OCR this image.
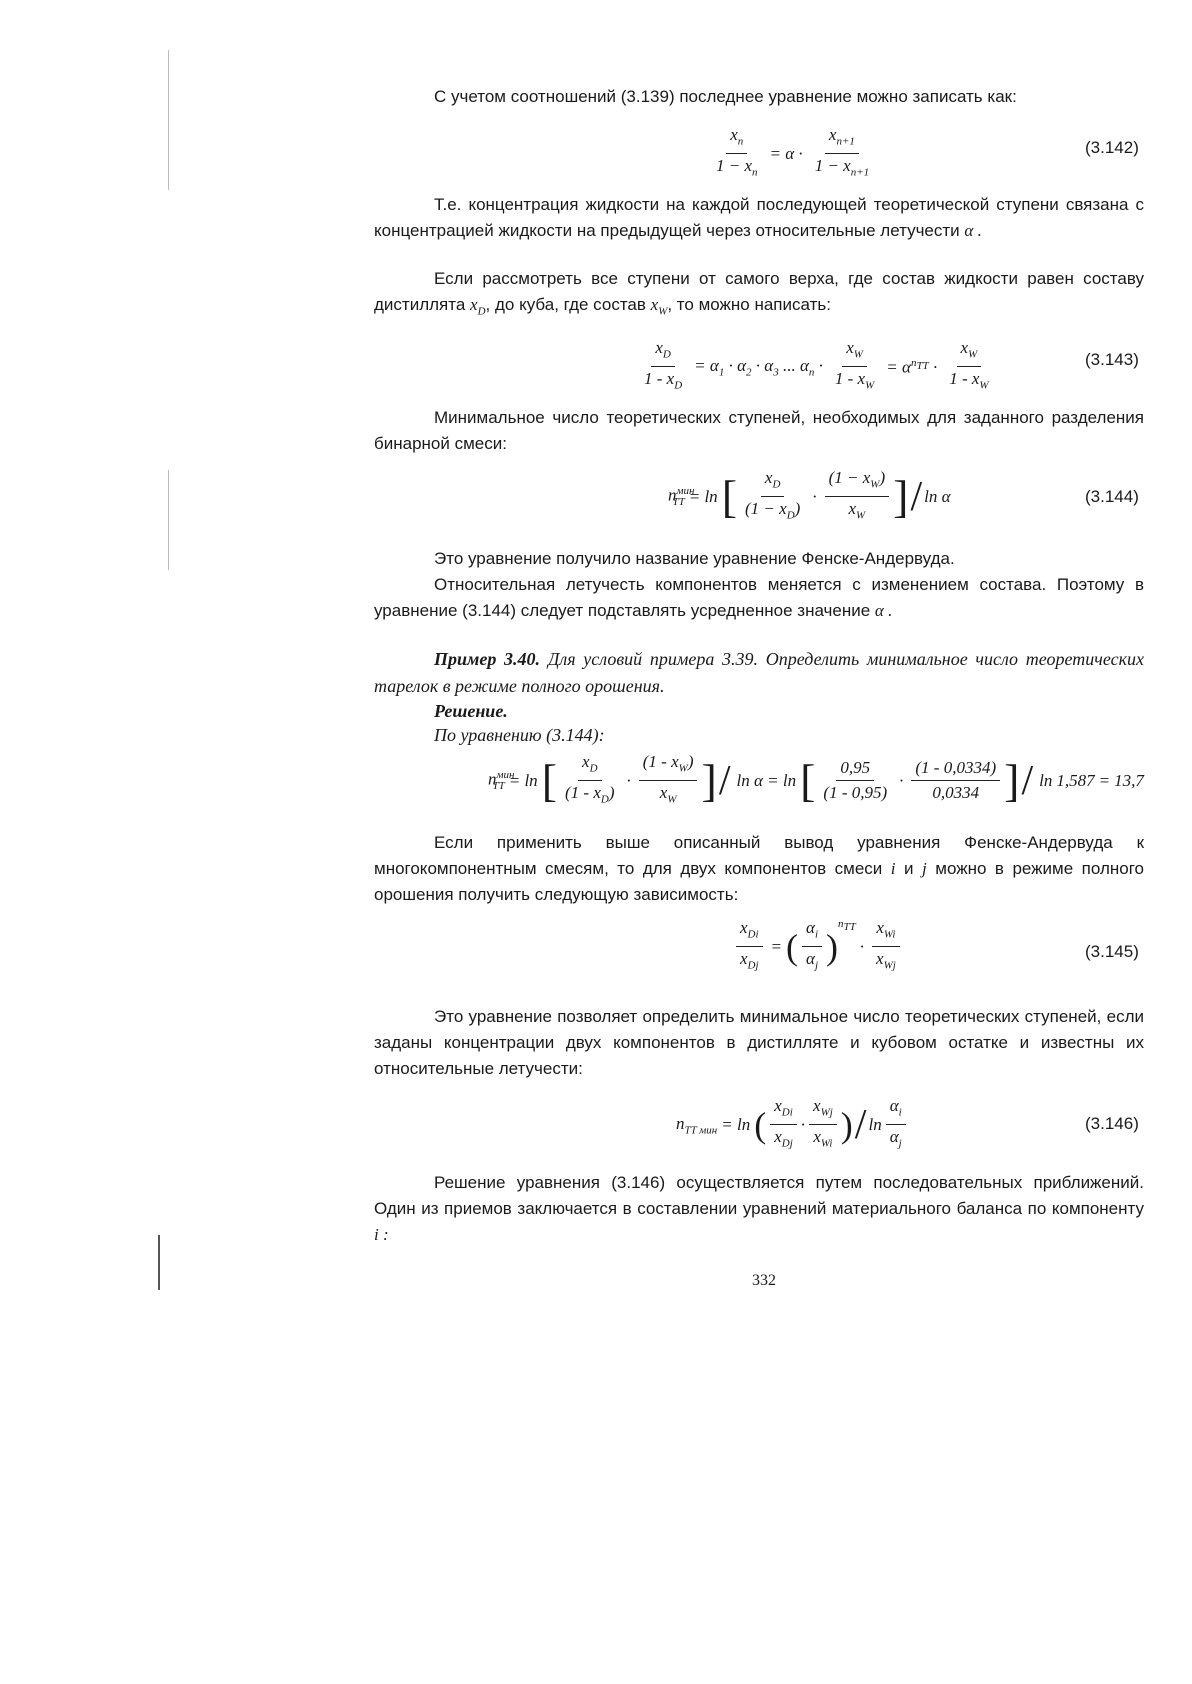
С учетом соотношений (3.139) последнее уравнение можно записать как:

$\frac{x_n}{1 - x_n} = \alpha \cdot \frac{x_{n+1}}{1 - x_{n+1}}$	(3.142)

Т.е. концентрация жидкости на каждой последующей теоретической ступени связана с концентрацией жидкости на предыдущей через относительные летучести α .

Если рассмотреть все ступени от самого верха, где состав жидкости равен составу дистиллята $x_D$, до куба, где состав $x_W$, то можно написать:

$\frac{x_D}{1 - x_D} = \alpha_1 \cdot \alpha_2 \cdot \alpha_3$ ... $\alpha_n \cdot \frac{x_W}{1 - x_W} = \alpha^{n_{TT}} \cdot \frac{x_W}{1 - x_W}$	(3.143)

Минимальное число теоретических ступеней, необходимых для заданного разделения бинарной смеси:

$n^{мин}_{TT} = \ln$ [ $\frac{x_D}{(1 - x_D)} \cdot \frac{(1 - x_W)}{x_W}$ ] / ln α	(3.144)

Это уравнение получило название уравнение Фенске-Андервуда.

Относительная летучесть компонентов меняется с изменением состава. Поэтому в уравнение (3.144) следует подставлять усредненное значение α .

Пример 3.40. Для условий примера 3.39. Определить минимальное число теоретических тарелок в режиме полного орошения.

Решение.

По уравнению (3.144):

$n^{мин}_{TT} = \ln$ [ $\frac{x_D}{(1 - x_D)} \cdot \frac{(1 - x_W)}{x_W}$ ] / ln α = ln [ $\frac{0,95}{(1 - 0,95)} \cdot \frac{(1 - 0,0334)}{0,0334}$ ] / ln 1,587 = 13,7

Если применить выше описанный вывод уравнения Фенске-Андервуда к многокомпонентным смесям, то для двух компонентов смеси i и j можно в режиме полного орошения получить следующую зависимость:

$\frac{x_{Di}}{x_{Dj}}$ = ( $\frac{\alpha_i}{\alpha_j}$ )
$^{n_{TT}}$
· $\frac{x_{Wi}}{x_{Wj}}$	(3.145)

Это уравнение позволяет определить минимальное число теоретических ступеней, если заданы концентрации двух компонентов в дистилляте и кубовом остатке и известны их относительные летучести:

$n_{TT мин} = \ln$ ( $\frac{x_{Di}}{x_{Dj}} \cdot \frac{x_{Wj}}{x_{Wi}}$ ) / $\ln \frac{\alpha_i}{\alpha_j}$	(3.146)

Решение уравнения (3.146) осуществляется путем последовательных приближений. Один из приемов заключается в составлении уравнений материального баланса по компоненту i :

332
